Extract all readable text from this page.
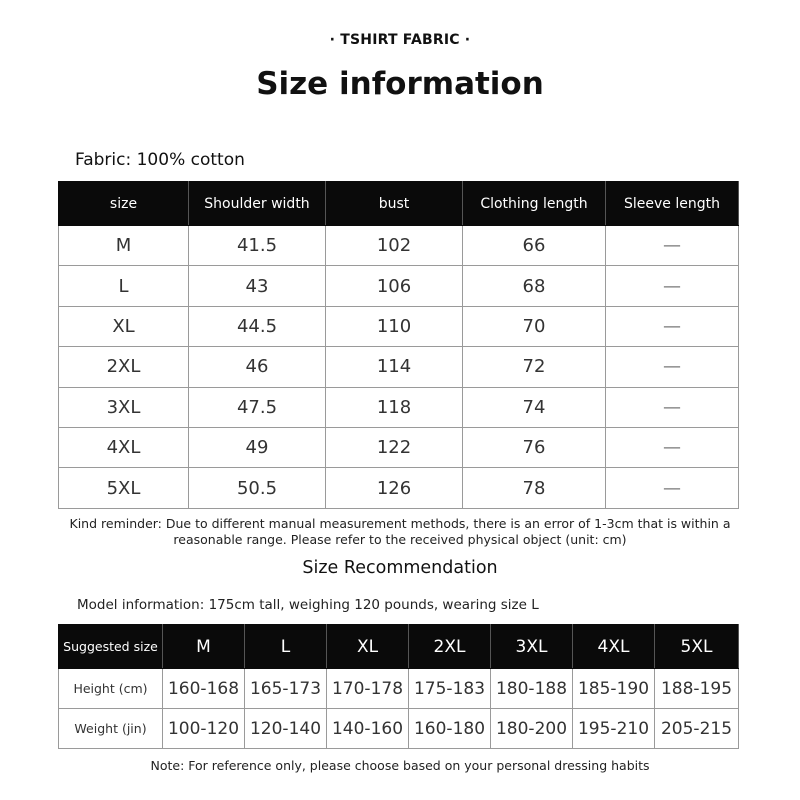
· TSHIRT FABRIC ·
Size information
Fabric: 100% cotton
size	Shoulder width	bust	Clothing length	Sleeve length
M	41.5	102	66	—
L	43	106	68	—
XL	44.5	110	70	—
2XL	46	114	72	—
3XL	47.5	118	74	—
4XL	49	122	76	—
5XL	50.5	126	78	—
Kind reminder: Due to different manual measurement methods, there is an error of 1-3cm that is within a
reasonable range. Please refer to the received physical object (unit: cm)
Size Recommendation
Model information: 175cm tall, weighing 120 pounds, wearing size L
Suggested size	M	L	XL	2XL	3XL	4XL	5XL
Height (cm)	160-168	165-173	170-178	175-183	180-188	185-190	188-195
Weight (jin)	100-120	120-140	140-160	160-180	180-200	195-210	205-215
Note: For reference only, please choose based on your personal dressing habits
